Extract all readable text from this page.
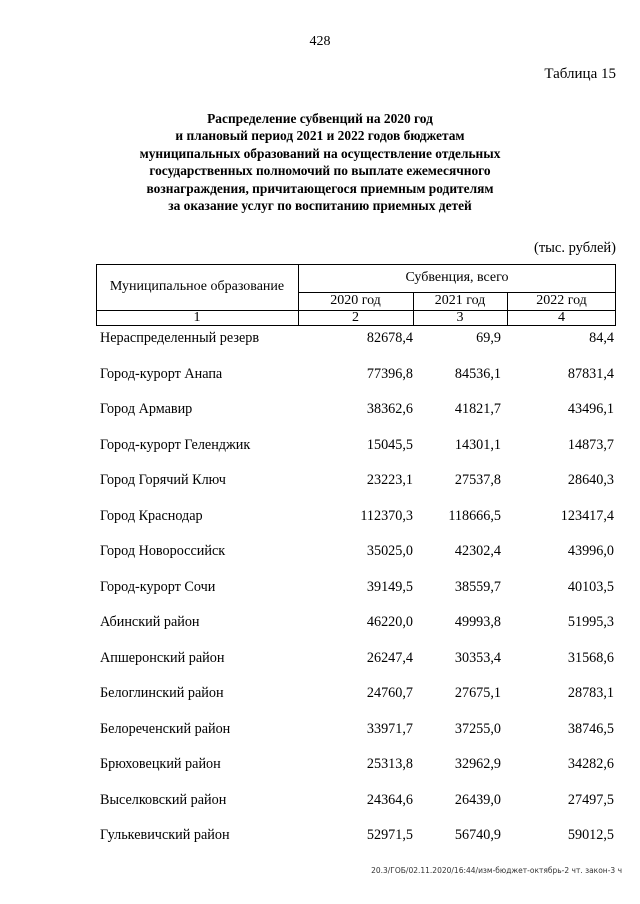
428
Таблица 15
Распределение субвенций на 2020 год
и плановый период 2021 и 2022 годов бюджетам
муниципальных образований на осуществление отдельных
государственных полномочий по выплате ежемесячного
вознаграждения, причитающегося приемным родителям
за оказание услуг по воспитанию приемных детей
(тыс. рублей)
Муниципальное образование
Субвенция, всего
2020 год	2021 год	2022 год
1	2	3	4
Нераспределенный резерв	82678,4	69,9	84,4
Город-курорт Анапа	77396,8	84536,1	87831,4
Город Армавир	38362,6	41821,7	43496,1
Город-курорт Геленджик	15045,5	14301,1	14873,7
Город Горячий Ключ	23223,1	27537,8	28640,3
Город Краснодар	112370,3 118666,5	123417,4
Город Новороссийск	35025,0	42302,4	43996,0
Город-курорт Сочи	39149,5	38559,7	40103,5
Абинский район	46220,0	49993,8	51995,3
Апшеронский район	26247,4	30353,4	31568,6
Белоглинский район	24760,7	27675,1	28783,1
Белореченский район	33971,7	37255,0	38746,5
Брюховецкий район	25313,8	32962,9	34282,6
Выселковский район	24364,6	26439,0	27497,5
Гулькевичский район	52971,5	56740,9	59012,5
20.3/ГОБ/02.11.2020/16:44/изм-бюджет-октябрь-2 чт. закон-3 ч
